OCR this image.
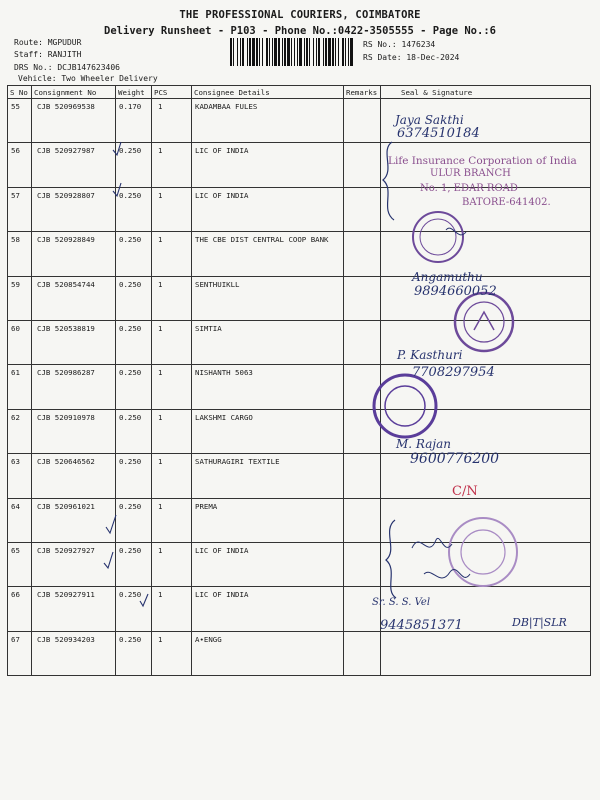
THE PROFESSIONAL COURIERS, COIMBATORE
Delivery Runsheet - P103 - Phone No.:0422-3505555 - Page No.:6
Route: MGPUDUR
Staff: RANJITH
DRS No.: DCJB147623406
Vehicle: Two Wheeler Delivery
RS No.: 1476234
RS Date: 18-Dec-2024
S No	Consignment No	Weight	PCS	Consignee Details	Remarks	Seal & Signature
55	CJB 520969538	0.170	1	KADAMBAA FULES		
56	CJB 520927987	0.250	1	LIC OF INDIA		
57	CJB 520928807	0.250	1	LIC OF INDIA		
58	CJB 520928849	0.250	1	THE CBE DIST CENTRAL COOP BANK		
59	CJB 520854744	0.250	1	SENTHUIKLL		
60	CJB 520538819	0.250	1	SIMTIA		
61	CJB 520986287	0.250	1	NISHANTH 5063		
62	CJB 520910978	0.250	1	LAKSHMI CARGO		
63	CJB 520646562	0.250	1	SATHURAGIRI TEXTILE		
64	CJB 520961021	0.250	1	PREMA		
65	CJB 520927927	0.250	1	LIC OF INDIA		
66	CJB 520927911	0.250	1	LIC OF INDIA		
67	CJB 520934203	0.250	1	A•ENGG		
Jaya Sakthi
6374510184
Life Insurance Corporation of India
ULUR BRANCH
No. 1, EDAR ROAD
BATORE-641402.
Angamuthu
9894660052
P. Kasthuri
7708297954
M. Rajan
9600776200
C/N
Sr. S. S. Vel
9445851371	DB|T|SLR
